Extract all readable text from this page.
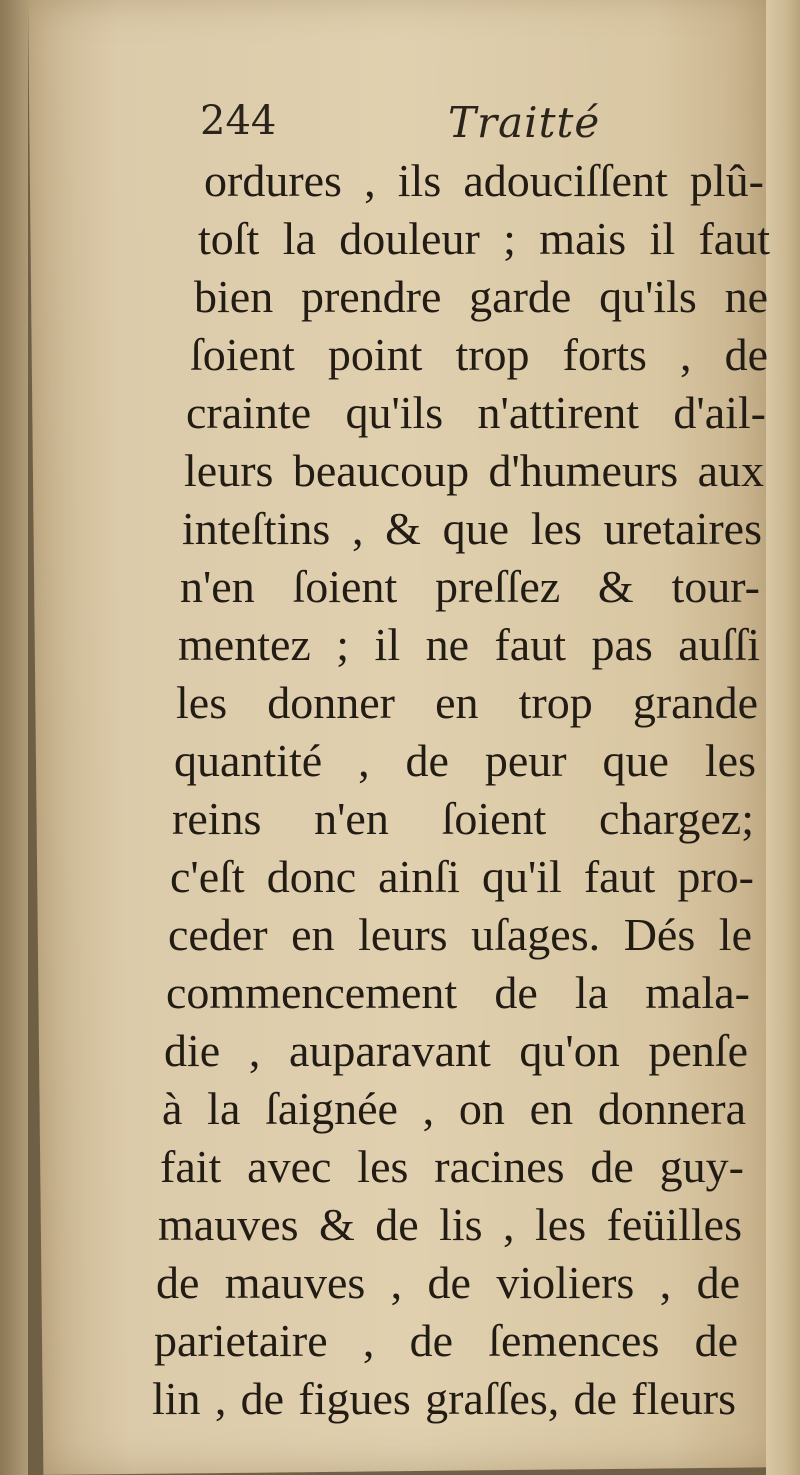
244	Traitté
ordures , ils adouciſſent plû-
toſt la douleur ; mais il faut
bien prendre garde qu'ils ne
ſoient point trop forts , de
crainte qu'ils n'attirent d'ail-
leurs beaucoup d'humeurs aux
inteſtins , & que les uretaires
n'en ſoient preſſez & tour-
mentez ; il ne faut pas auſſi
les donner en trop grande
quantité , de peur que les
reins n'en ſoient chargez;
c'eſt donc ainſi qu'il faut pro-
ceder en leurs uſages. Dés le
commencement de la mala-
die , auparavant qu'on penſe
à la ſaignée , on en donnera
fait avec les racines de guy-
mauves & de lis , les feüilles
de mauves , de violiers , de
parietaire , de ſemences de
lin , de figues graſſes, de fleurs
